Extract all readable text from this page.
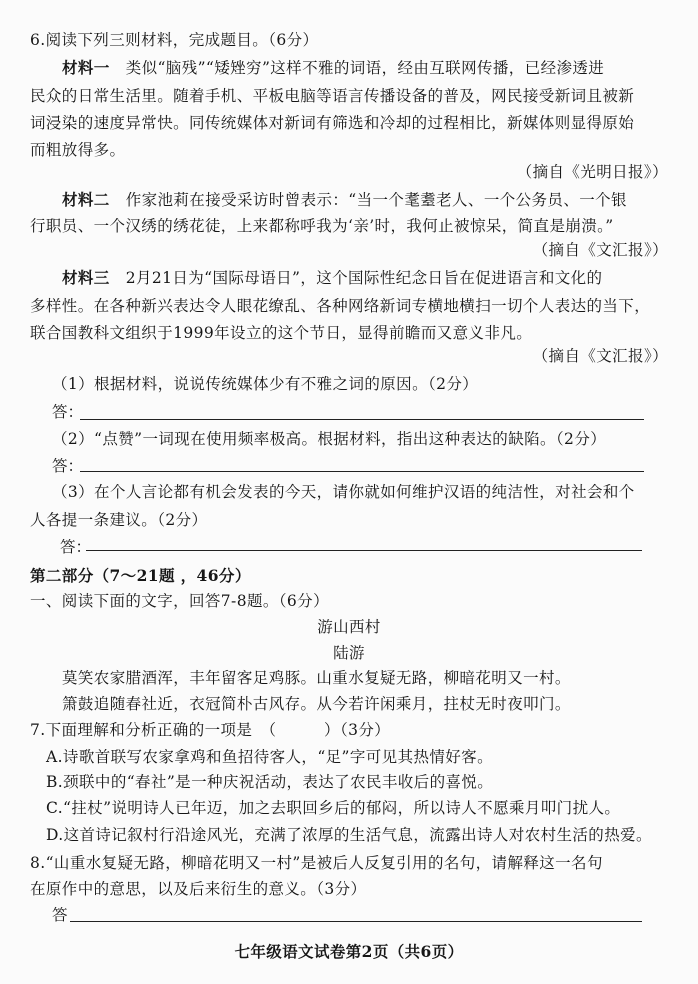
6.阅读下列三则材料，完成题目。（6分）
材料一 类似“脑残”“矮矬穷”这样不雅的词语，经由互联网传播，已经渗透进
民众的日常生活里。随着手机、平板电脑等语言传播设备的普及，网民接受新词且被新
词浸染的速度异常快。同传统媒体对新词有筛选和冷却的过程相比，新媒体则显得原始
而粗放得多。
（摘自《光明日报》）
材料二 作家池莉在接受采访时曾表示：“当一个耄耋老人、一个公务员、一个银
行职员、一个汉绣的绣花徒，上来都称呼我为‘亲’时，我何止被惊呆，简直是崩溃。”
（摘自《文汇报》）
材料三 2月21日为“国际母语日”，这个国际性纪念日旨在促进语言和文化的
多样性。在各种新兴表达令人眼花缭乱、各种网络新词专横地横扫一切个人表达的当下，
联合国教科文组织于1999年设立的这个节日，显得前瞻而又意义非凡。
（摘自《文汇报》）
（1）根据材料，说说传统媒体少有不雅之词的原因。（2分）
答：
（2）“点赞”一词现在使用频率极高。根据材料，指出这种表达的缺陷。（2分）
答：
（3）在个人言论都有机会发表的今天，请你就如何维护汉语的纯洁性，对社会和个
人各提一条建议。（2分）
答：
第二部分（7～21题 ，46分）
一、阅读下面的文字，回答7-8题。（6分）
游山西村
陆游
莫笑农家腊酒浑，丰年留客足鸡豚。山重水复疑无路，柳暗花明又一村。
箫鼓追随春社近，衣冠简朴古风存。从今若许闲乘月，拄杖无时夜叩门。
7.下面理解和分析正确的一项是　（　　　）（3分）
A.诗歌首联写农家拿鸡和鱼招待客人，“足”字可见其热情好客。
B.颈联中的“春社”是一种庆祝活动，表达了农民丰收后的喜悦。
C.“拄杖”说明诗人已年迈，加之去职回乡后的郁闷，所以诗人不愿乘月叩门扰人。
D.这首诗记叙村行沿途风光，充满了浓厚的生活气息，流露出诗人对农村生活的热爱。
8.“山重水复疑无路，柳暗花明又一村”是被后人反复引用的名句，请解释这一名句
在原作中的意思，以及后来衍生的意义。（3分）
答
七年级语文试卷第2页（共6页）
